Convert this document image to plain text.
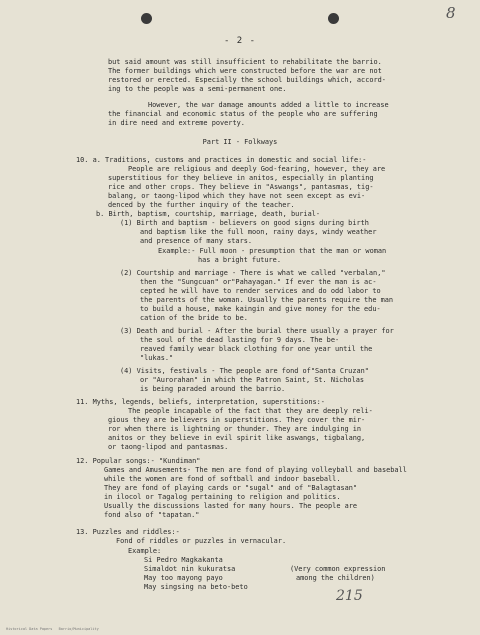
8
- 2 -
but said amount was still insufficient to rehabilitate the barrio.
The former buildings which were constructed before the war are not
restored or erected. Especially the school buildings which, accord-
ing to the people was a semi-permanent one.
However, the war damage amounts added a little to increase
the financial and economic status of the people who are suffering
in dire need and extreme poverty.
Part II - Folkways
10. a. Traditions, customs and practices in domestic and social life:-
People are religious and deeply God-fearing, however, they are
superstitious for they believe in anitos, especially in planting
rice and other crops. They believe in "Aswangs", pantasmas, tig-
balang, or taong-lipod which they have not seen except as evi-
denced by the further inquiry of the teacher.
b. Birth, baptism, courtship, marriage, death, burial-
(1) Birth and baptism - believers on good signs during birth
and baptism like the full moon, rainy days, windy weather
and presence of many stars.
Example:- Full moon - presumption that the man or woman
has a bright future.
(2) Courtship and marriage - There is what we called "verbalan,"
then the "Sungcuan" or"Pahayagan." If ever the man is ac-
cepted he will have to render services and do odd labor to
the parents of the woman. Usually the parents require the man
to build a house, make kaingin and give money for the edu-
cation of the bride to be.
(3) Death and burial - After the burial there usually a prayer for
the soul of the dead lasting for 9 days. The be-
reaved family wear black clothing for one year until the
"lukas."
(4) Visits, festivals - The people are fond of"Santa Cruzan"
or "Aurorahan" in which the Patron Saint, St. Nicholas
is being paraded around the barrio.
11. Myths, legends, beliefs, interpretation, superstitions:-
The people incapable of the fact that they are deeply reli-
gious they are believers in superstitions. They cover the mir-
ror when there is lightning or thunder. They are indulging in
anitos or they believe in evil spirit like aswangs, tigbalang,
or taong-lipod and pantasmas.
12. Popular songs:- "Kundiman"
Games and Amusements- The men are fond of playing volleyball and baseball
while the women are fond of softball and indoor baseball.
They are fond of playing cards or "sugal" and of "Balagtasan"
in ilocol or Tagalog pertaining to religion and politics.
Usually the discussions lasted for many hours. The people are
fond also of "tapatan."
13. Puzzles and riddles:-
Fond of riddles or puzzles in vernacular.
Example:
Si Pedro Magkakanta
Simaldot nin kukuratsa
May too mayong payo
May singsing na beto-beto
(Very common expression
among the children)
215
Historical Data Papers   Barrio/Municipality
